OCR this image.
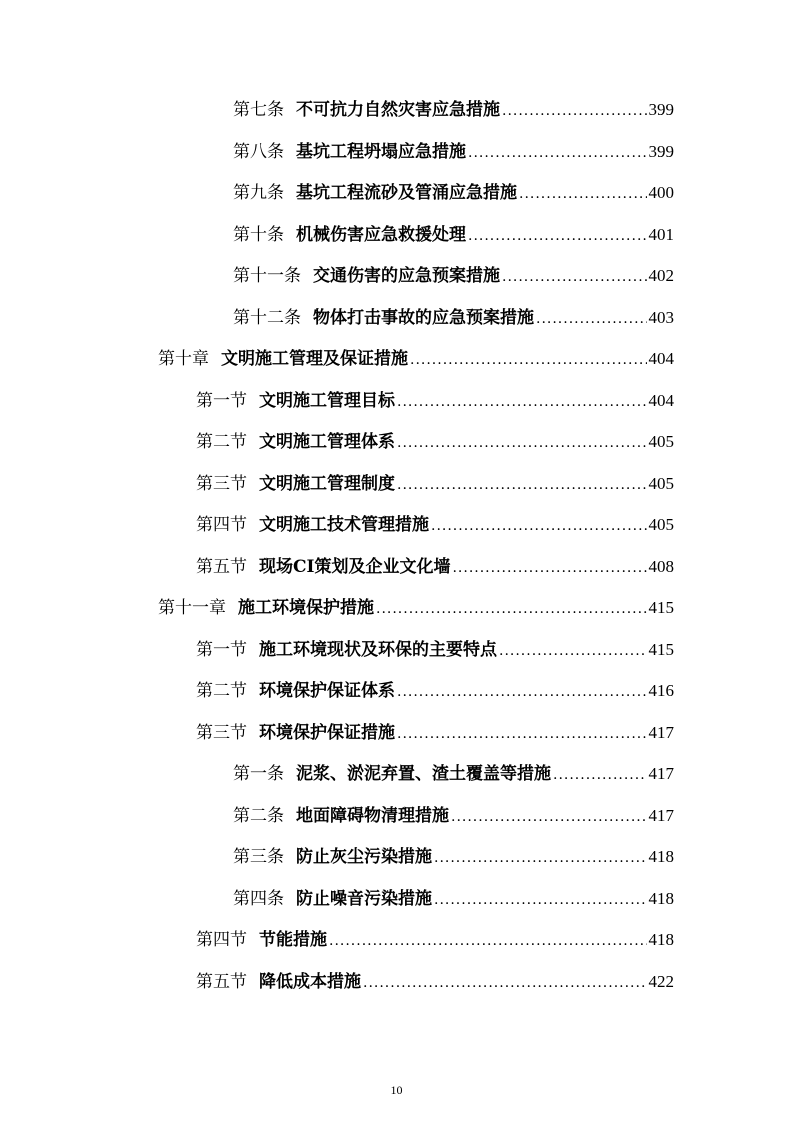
第七条 不可抗力自然灾害应急措施 .....	399
第八条 基坑工程坍塌应急措施 .....	399
第九条 基坑工程流砂及管涌应急措施 .....	400
第十条 机械伤害应急救援处理 .....	401
第十一条 交通伤害的应急预案措施 .....	402
第十二条 物体打击事故的应急预案措施 .....	403
第十章 文明施工管理及保证措施 .....	404
第一节 文明施工管理目标 .....	404
第二节 文明施工管理体系 .....	405
第三节 文明施工管理制度 .....	405
第四节 文明施工技术管理措施 .....	405
第五节 现场CI策划及企业文化墙 .....	408
第十一章 施工环境保护措施 .....	415
第一节 施工环境现状及环保的主要特点 .....	415
第二节 环境保护保证体系 .....	416
第三节 环境保护保证措施 .....	417
第一条 泥浆、淤泥弃置、渣土覆盖等措施 .....	417
第二条 地面障碍物清理措施 .....	417
第三条 防止灰尘污染措施 .....	418
第四条 防止噪音污染措施 .....	418
第四节 节能措施 .....	418
第五节 降低成本措施 .....	422
10
